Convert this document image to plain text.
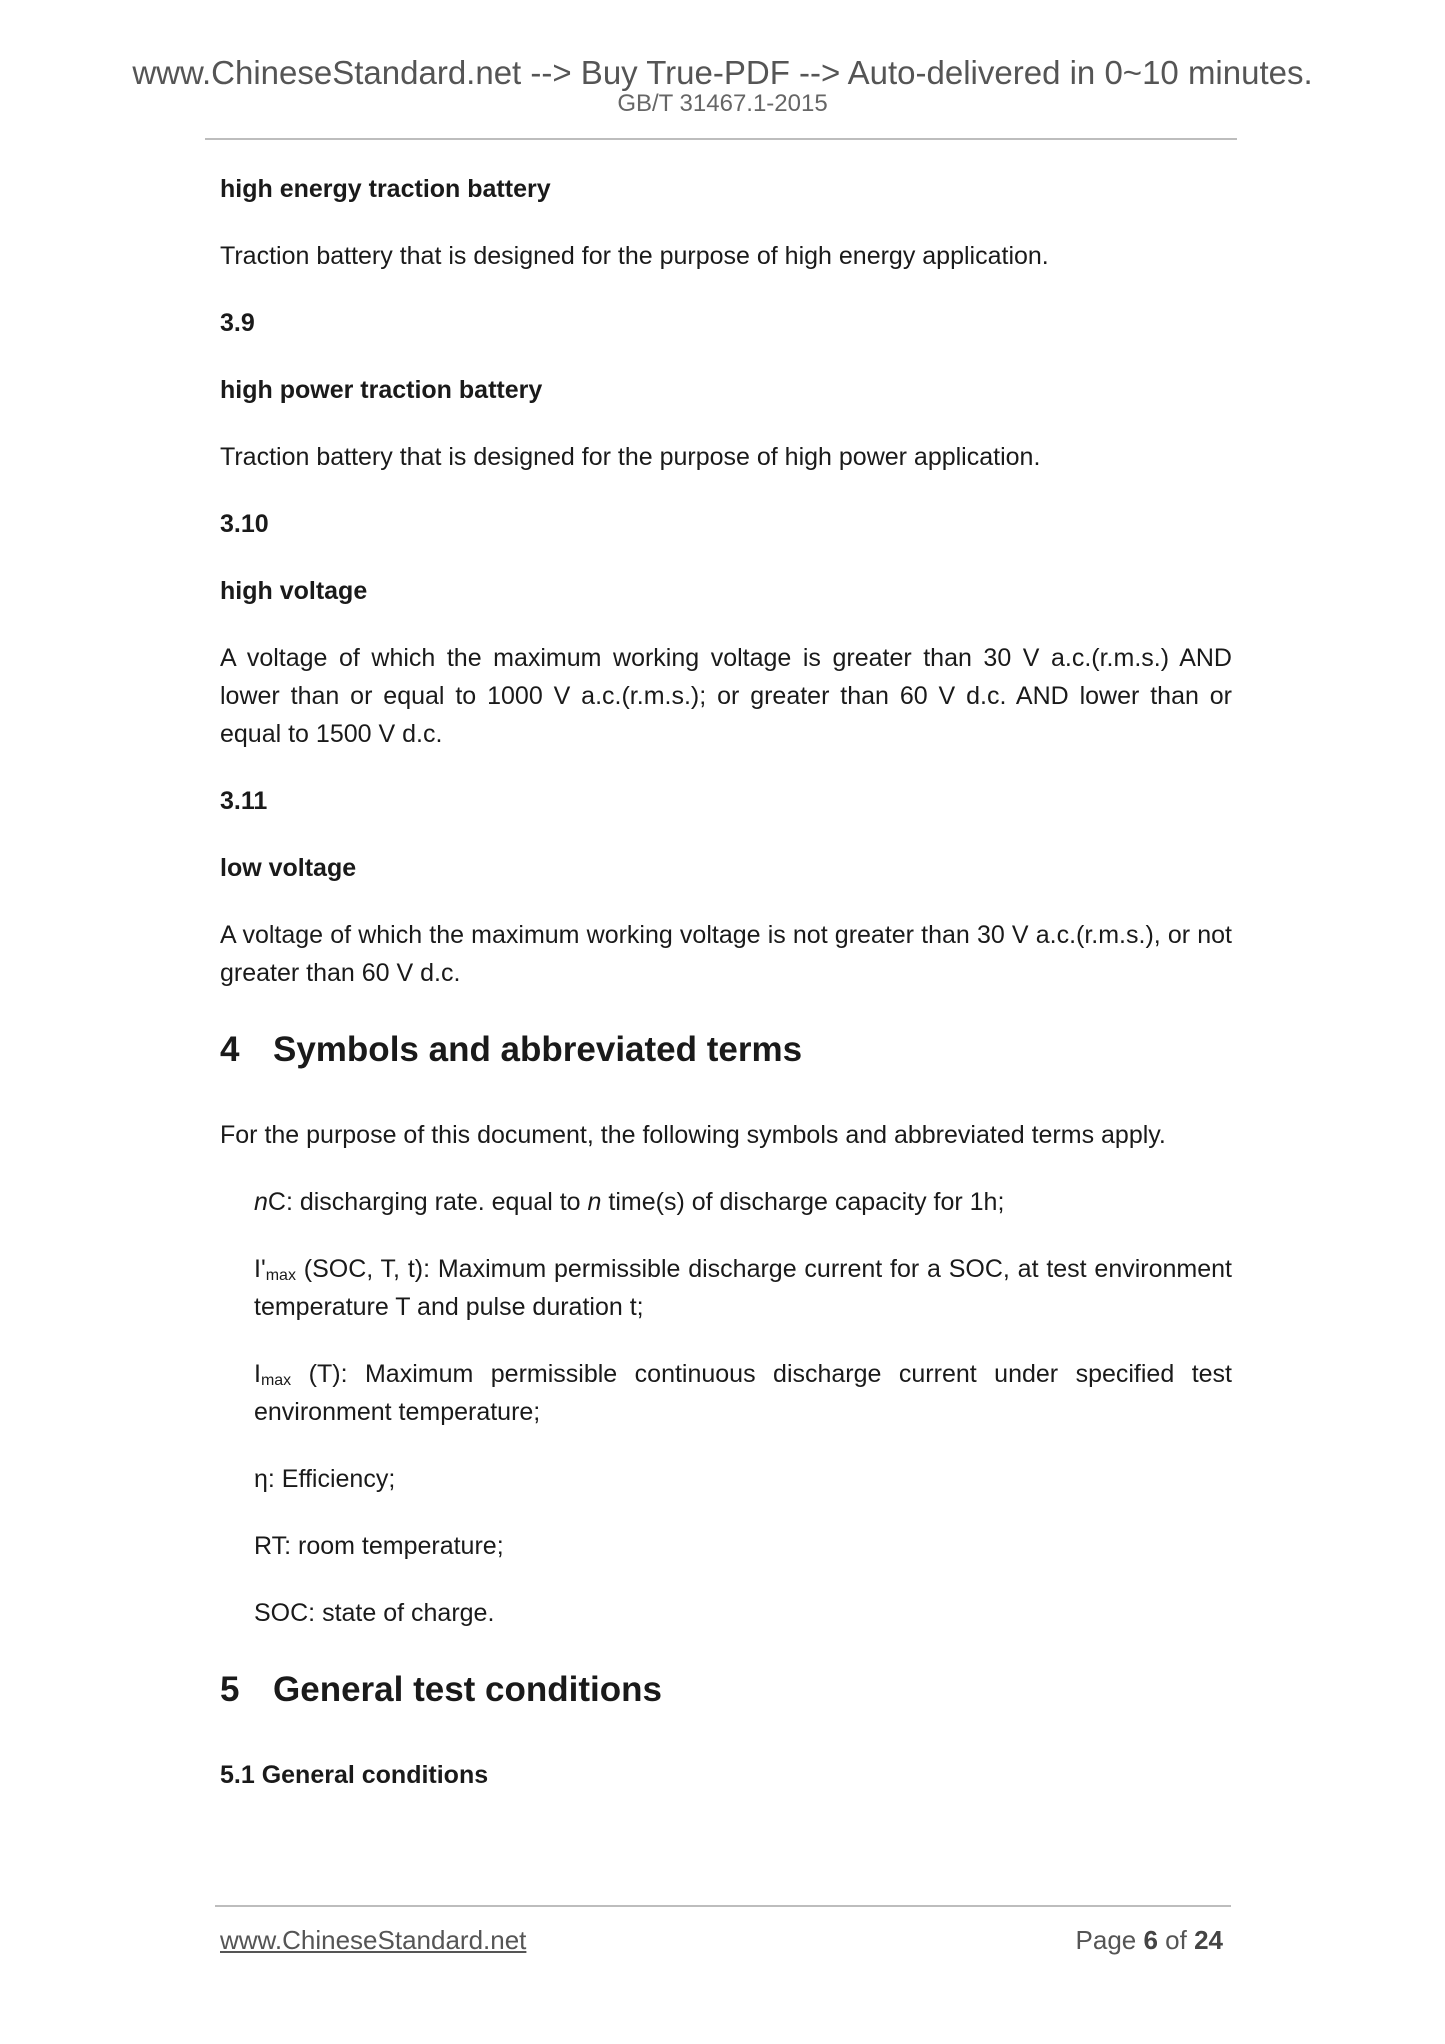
www.ChineseStandard.net --> Buy True-PDF --> Auto-delivered in 0~10 minutes.
GB/T 31467.1-2015

high energy traction battery

Traction battery that is designed for the purpose of high energy application.

3.9

high power traction battery

Traction battery that is designed for the purpose of high power application.

3.10

high voltage

A voltage of which the maximum working voltage is greater than 30 V a.c.(r.m.s.) AND lower than or equal to 1000 V a.c.(r.m.s.); or greater than 60 V d.c. AND lower than or equal to 1500 V d.c.

3.11

low voltage

A voltage of which the maximum working voltage is not greater than 30 V a.c.(r.m.s.), or not greater than 60 V d.c.

4 Symbols and abbreviated terms

For the purpose of this document, the following symbols and abbreviated terms apply.

nC: discharging rate. equal to n time(s) of discharge capacity for 1h;

$I'_{max}$ (SOC, T, t): Maximum permissible discharge current for a SOC, at test environment temperature T and pulse duration t;

$I_{max}$ (T): Maximum permissible continuous discharge current under specified test environment temperature;

η: Efficiency;

RT: room temperature;

SOC: state of charge.

5 General test conditions

5.1 General conditions

www.ChineseStandard.net	Page 6 of 24
